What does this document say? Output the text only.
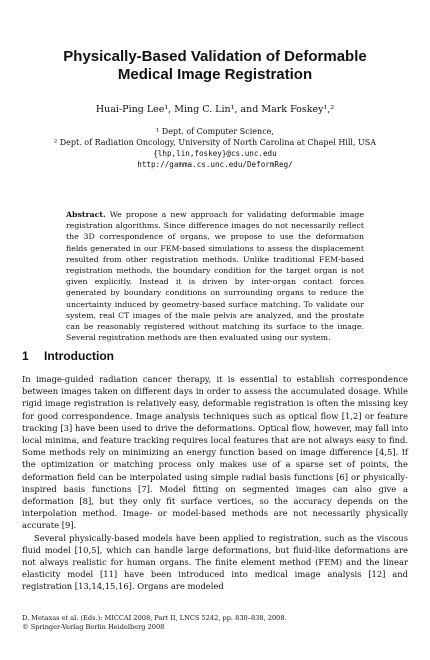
Physically-Based Validation of Deformable
Medical Image Registration

Huai-Ping Lee¹, Ming C. Lin¹, and Mark Foskey¹,²

¹ Dept. of Computer Science,
² Dept. of Radiation Oncology, University of North Carolina at Chapel Hill, USA
{lhp,lin,foskey}@cs.unc.edu
http://gamma.cs.unc.edu/DeformReg/

Abstract. We propose a new approach for validating deformable image registration algorithms. Since difference images do not necessarily reflect the 3D correspondence of organs, we propose to use the deformation fields generated in our FEM-based simulations to assess the displacement resulted from other registration methods. Unlike traditional FEM-based registration methods, the boundary condition for the target organ is not given explicitly. Instead it is driven by inter-organ contact forces generated by boundary conditions on surrounding organs to reduce the uncertainty induced by geometry-based surface matching. To validate our system, real CT images of the male pelvis are analyzed, and the prostate can be reasonably registered without matching its surface to the image. Several registration methods are then evaluated using our system.

1 Introduction

In image-guided radiation cancer therapy, it is essential to establish correspondence between images taken on different days in order to assess the accumulated dosage. While rigid image registration is relatively easy, deformable registration is often the missing key for good correspondence. Image analysis techniques such as optical flow [1,2] or feature tracking [3] have been used to drive the deformations. Optical flow, however, may fall into local minima, and feature tracking requires local features that are not always easy to find. Some methods rely on minimizing an energy function based on image difference [4,5]. If the optimization or matching process only makes use of a sparse set of points, the deformation field can be interpolated using simple radial basis functions [6] or physically-inspired basis functions [7]. Model fitting on segmented images can also give a deformation [8], but they only fit surface vertices, so the accuracy depends on the interpolation method. Image- or model-based methods are not necessarily physically accurate [9].

Several physically-based models have been applied to registration, such as the viscous fluid model [10,5], which can handle large deformations, but fluid-like deformations are not always realistic for human organs. The finite element method (FEM) and the linear elasticity model [11] have been introduced into medical image analysis [12] and registration [13,14,15,16]. Organs are modeled

D. Metaxas et al. (Eds.): MICCAI 2008, Part II, LNCS 5242, pp. 830–838, 2008.
© Springer-Verlag Berlin Heidelberg 2008
